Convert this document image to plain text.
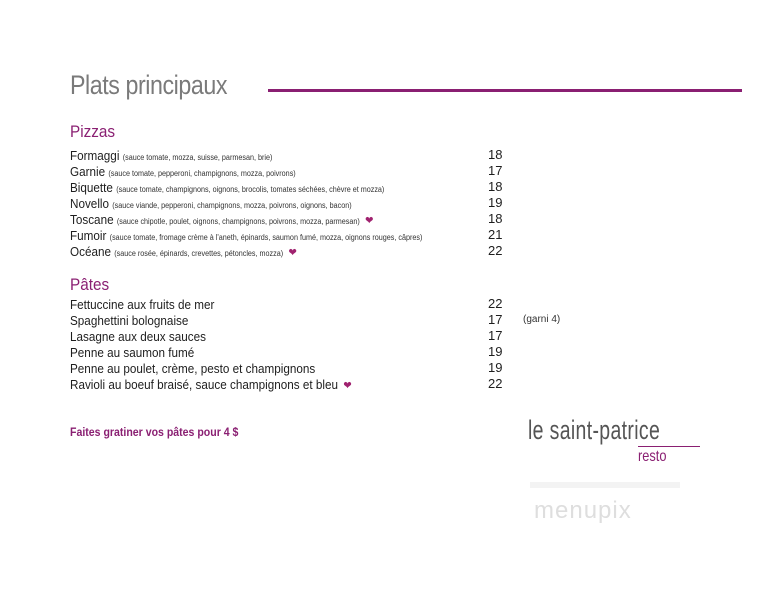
Plats principaux
Pizzas
Formaggi (sauce tomate, mozza, suisse, parmesan, brie)	18
Garnie (sauce tomate, pepperoni, champignons, mozza, poivrons)	17
Biquette (sauce tomate, champignons, oignons, brocolis, tomates séchées, chèvre et mozza)	18
Novello (sauce viande, pepperoni, champignons, mozza, poivrons, oignons, bacon)	19
Toscane (sauce chipotle, poulet, oignons, champignons, poivrons, mozza, parmesan) ❤	18
Fumoir (sauce tomate, fromage crème à l'aneth, épinards, saumon fumé, mozza, oignons rouges, câpres)	21
Océane (sauce rosée, épinards, crevettes, pétoncles, mozza) ❤	22
Pâtes
Fettuccine aux fruits de mer	22
Spaghettini bolognaise	17 (garni 4)
Lasagne aux deux sauces	17
Penne au saumon fumé	19
Penne au poulet, crème, pesto et champignons	19
Ravioli au boeuf braisé, sauce champignons et bleu ❤	22
Faites gratiner vos pâtes pour 4 $	le saint-patrice
resto
menupix
